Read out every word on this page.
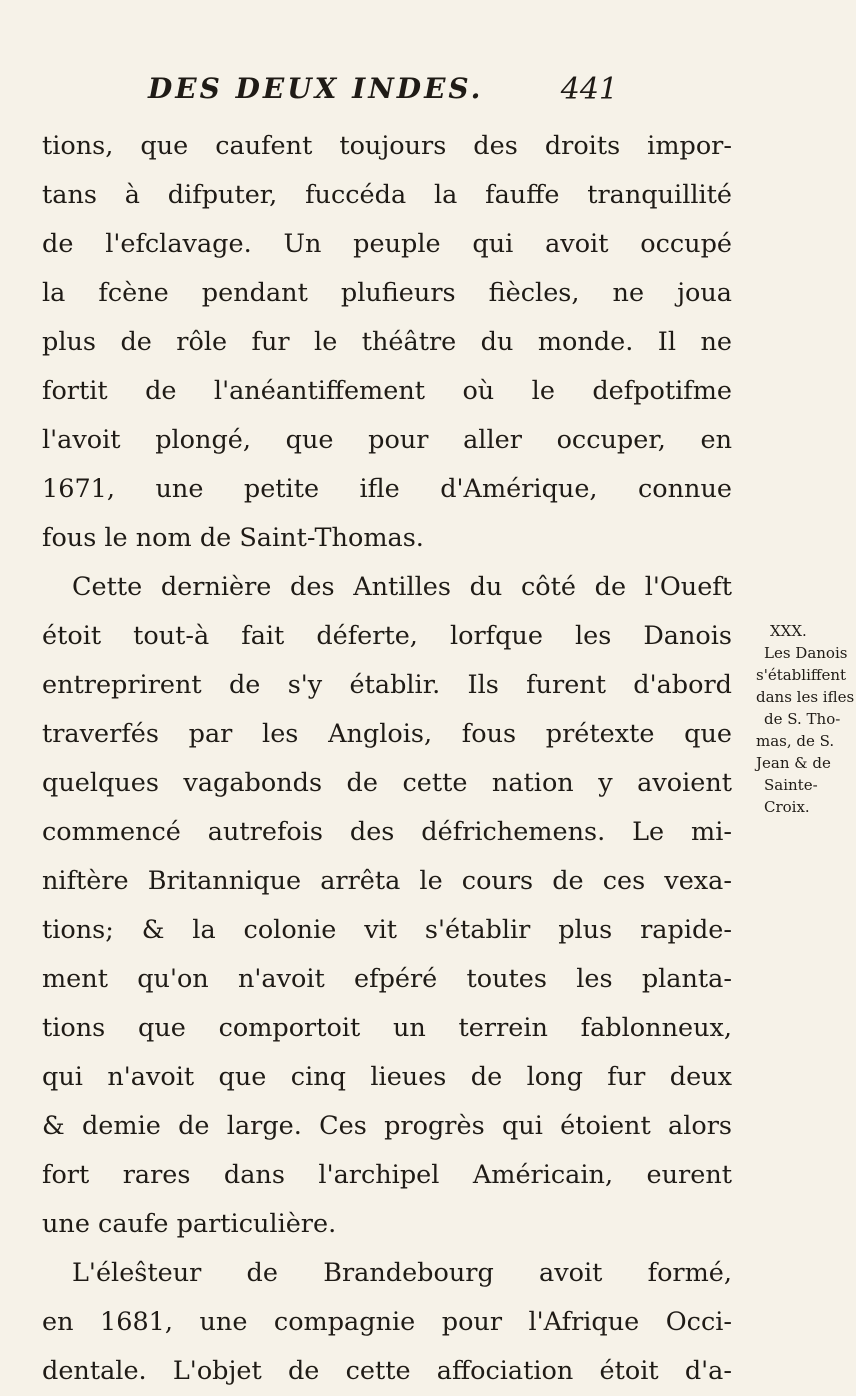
DES DEUX INDES.	441
tions, que caufent toujours des droits impor-
tans à difputer, fuccéda la fauffe tranquillité
de l'efclavage. Un peuple qui avoit occupé
la fcène pendant plufieurs fiècles, ne joua
plus de rôle fur le théâtre du monde. Il ne
fortit de l'anéantiffement où le defpotifme
l'avoit plongé, que pour aller occuper, en
1671, une petite ifle d'Amérique, connue
fous le nom de Saint-Thomas.
Cette dernière des Antilles du côté de l'Oueft
étoit tout-à fait déferte, lorfque les Danois
entreprirent de s'y établir. Ils furent d'abord
traverfés par les Anglois, fous prétexte que
quelques vagabonds de cette nation y avoient
commencé autrefois des défrichemens. Le mi-
niftère Britannique arrêta le cours de ces vexa-
tions; & la colonie vit s'établir plus rapide-
ment qu'on n'avoit efpéré toutes les planta-
tions que comportoit un terrein fablonneux,
qui n'avoit que cinq lieues de long fur deux
& demie de large. Ces progrès qui étoient alors
fort rares dans l'archipel Américain, eurent
une caufe particulière.
L'éleŝteur de Brandebourg avoit formé,
en 1681, une compagnie pour l'Afrique Occi-
dentale. L'objet de cette affociation étoit d'a-
XXX.
Les Danois
s'établiffent
dans les ifles
de S. Tho-
mas, de S.
Jean & de
Sainte-
Croix.
